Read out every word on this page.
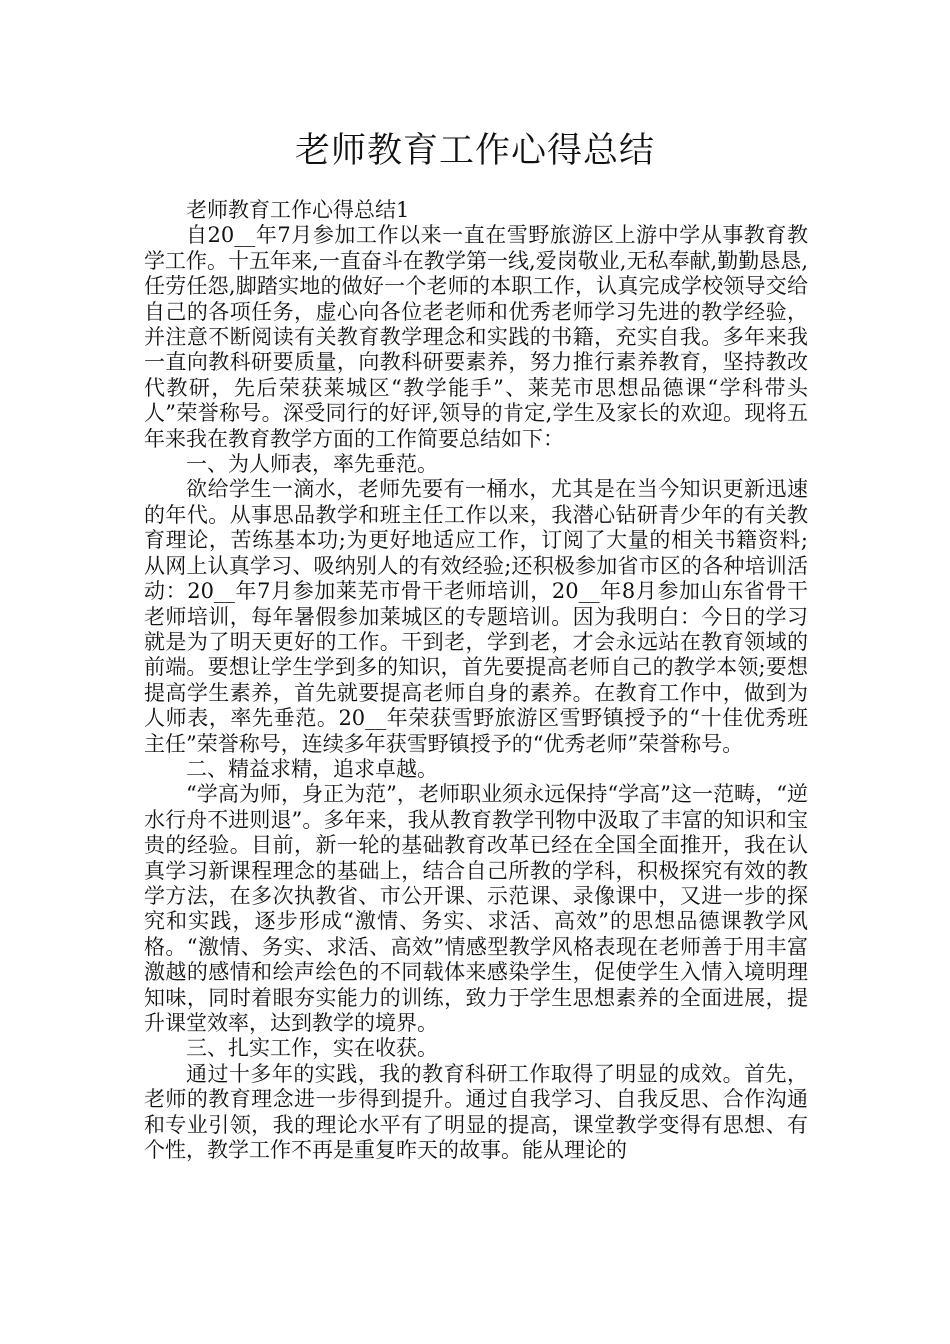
老师教育工作心得总结

老师教育工作心得总结1

自20__年7月参加工作以来一直在雪野旅游区上游中学从事教育教学工作。十五年来,一直奋斗在教学第一线,爱岗敬业,无私奉献,勤勤恳恳,任劳任怨,脚踏实地的做好一个老师的本职工作，认真完成学校领导交给自己的各项任务，虚心向各位老老师和优秀老师学习先进的教学经验，并注意不断阅读有关教育教学理念和实践的书籍，充实自我。多年来我一直向教科研要质量，向教科研要素养，努力推行素养教育，坚持教改代教研，先后荣获莱城区“教学能手”、莱芜市思想品德课“学科带头人”荣誉称号。深受同行的好评,领导的肯定,学生及家长的欢迎。现将五年来我在教育教学方面的工作简要总结如下：

一、为人师表，率先垂范。

欲给学生一滴水，老师先要有一桶水，尤其是在当今知识更新迅速的年代。从事思品教学和班主任工作以来，我潜心钻研青少年的有关教育理论，苦练基本功;为更好地适应工作，订阅了大量的相关书籍资料;从网上认真学习、吸纳别人的有效经验;还积极参加省市区的各种培训活动：20__年7月参加莱芜市骨干老师培训，20__年8月参加山东省骨干老师培训，每年暑假参加莱城区的专题培训。因为我明白：今日的学习就是为了明天更好的工作。干到老，学到老，才会永远站在教育领域的前端。要想让学生学到多的知识，首先要提高老师自己的教学本领;要想提高学生素养，首先就要提高老师自身的素养。在教育工作中，做到为人师表，率先垂范。20__年荣获雪野旅游区雪野镇授予的“十佳优秀班主任”荣誉称号，连续多年获雪野镇授予的“优秀老师”荣誉称号。

二、精益求精，追求卓越。

“学高为师，身正为范”，老师职业须永远保持“学高”这一范畴，“逆水行舟不进则退”。多年来，我从教育教学刊物中汲取了丰富的知识和宝贵的经验。目前，新一轮的基础教育改革已经在全国全面推开，我在认真学习新课程理念的基础上，结合自己所教的学科，积极探究有效的教学方法，在多次执教省、市公开课、示范课、录像课中，又进一步的探究和实践，逐步形成“激情、务实、求活、高效”的思想品德课教学风格。“激情、务实、求活、高效”情感型教学风格表现在老师善于用丰富激越的感情和绘声绘色的不同载体来感染学生，促使学生入情入境明理知味，同时着眼夯实能力的训练，致力于学生思想素养的全面进展，提升课堂效率，达到教学的境界。

三、扎实工作，实在收获。

通过十多年的实践，我的教育科研工作取得了明显的成效。首先，老师的教育理念进一步得到提升。通过自我学习、自我反思、合作沟通和专业引领，我的理论水平有了明显的提高，课堂教学变得有思想、有个性，教学工作不再是重复昨天的故事。能从理论的
